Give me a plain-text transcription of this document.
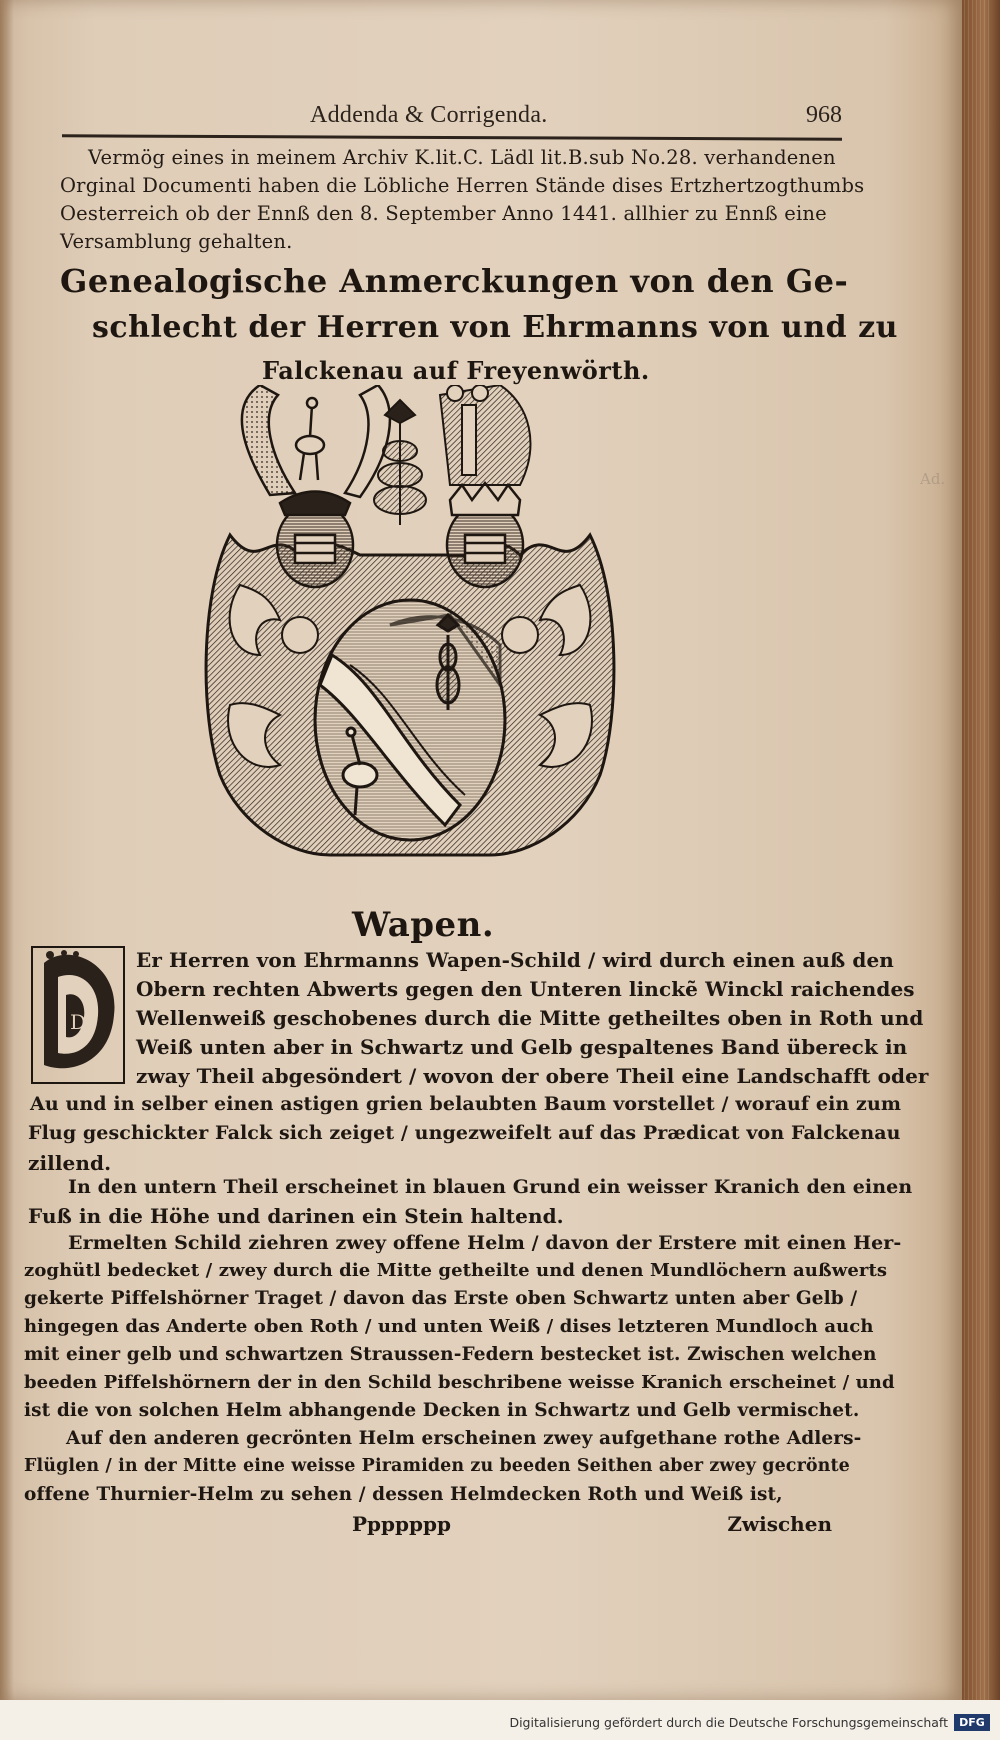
Addenda & Corrigenda.	968
Vermög eines in meinem Archiv K.lit.C. Lädl lit.B.sub No.28. verhandenen
Orginal Documenti haben die Löbliche Herren Stände dises Ertzhertzogthumbs
Oesterreich ob der Ennß den 8. September Anno 1441. allhier zu Ennß eine
Versamblung gehalten.
Genealogische Anmerckungen von den Ge-
schlecht der Herren von Ehrmanns von und zu
Falckenau auf Freyenwörth.
Wapen.
D
Er Herren von Ehrmanns Wapen-Schild / wird durch einen auß den
Obern rechten Abwerts gegen den Unteren linckẽ Winckl raichendes
Wellenweiß geschobenes durch die Mitte getheiltes oben in Roth und
Weiß unten aber in Schwartz und Gelb gespaltenes Band übereck in
zway Theil abgesöndert / wovon der obere Theil eine Landschafft oder
Au und in selber einen astigen grien belaubten Baum vorstellet / worauf ein zum
Flug geschickter Falck sich zeiget / ungezweifelt auf das Prædicat von Falckenau
zillend.
In den untern Theil erscheinet in blauen Grund ein weisser Kranich den einen
Fuß in die Höhe und darinen ein Stein haltend.
Ermelten Schild ziehren zwey offene Helm / davon der Erstere mit einen Her-
zoghütl bedecket / zwey durch die Mitte getheilte und denen Mundlöchern außwerts
gekerte Piffelshörner Traget / davon das Erste oben Schwartz unten aber Gelb /
hingegen das Anderte oben Roth / und unten Weiß / dises letzteren Mundloch auch
mit einer gelb und schwartzen Straussen-Federn bestecket ist. Zwischen welchen
beeden Piffelshörnern der in den Schild beschribene weisse Kranich erscheinet / und
ist die von solchen Helm abhangende Decken in Schwartz und Gelb vermischet.
Auf den anderen gecrönten Helm erscheinen zwey aufgethane rothe Adlers-
Flüglen / in der Mitte eine weisse Piramiden zu beeden Seithen aber zwey gecrönte
offene Thurnier-Helm zu sehen / dessen Helmdecken Roth und Weiß ist,
Ppppppp	Zwischen
Ad.
Digitalisierung gefördert durch die Deutsche Forschungsgemeinschaft	DFG
